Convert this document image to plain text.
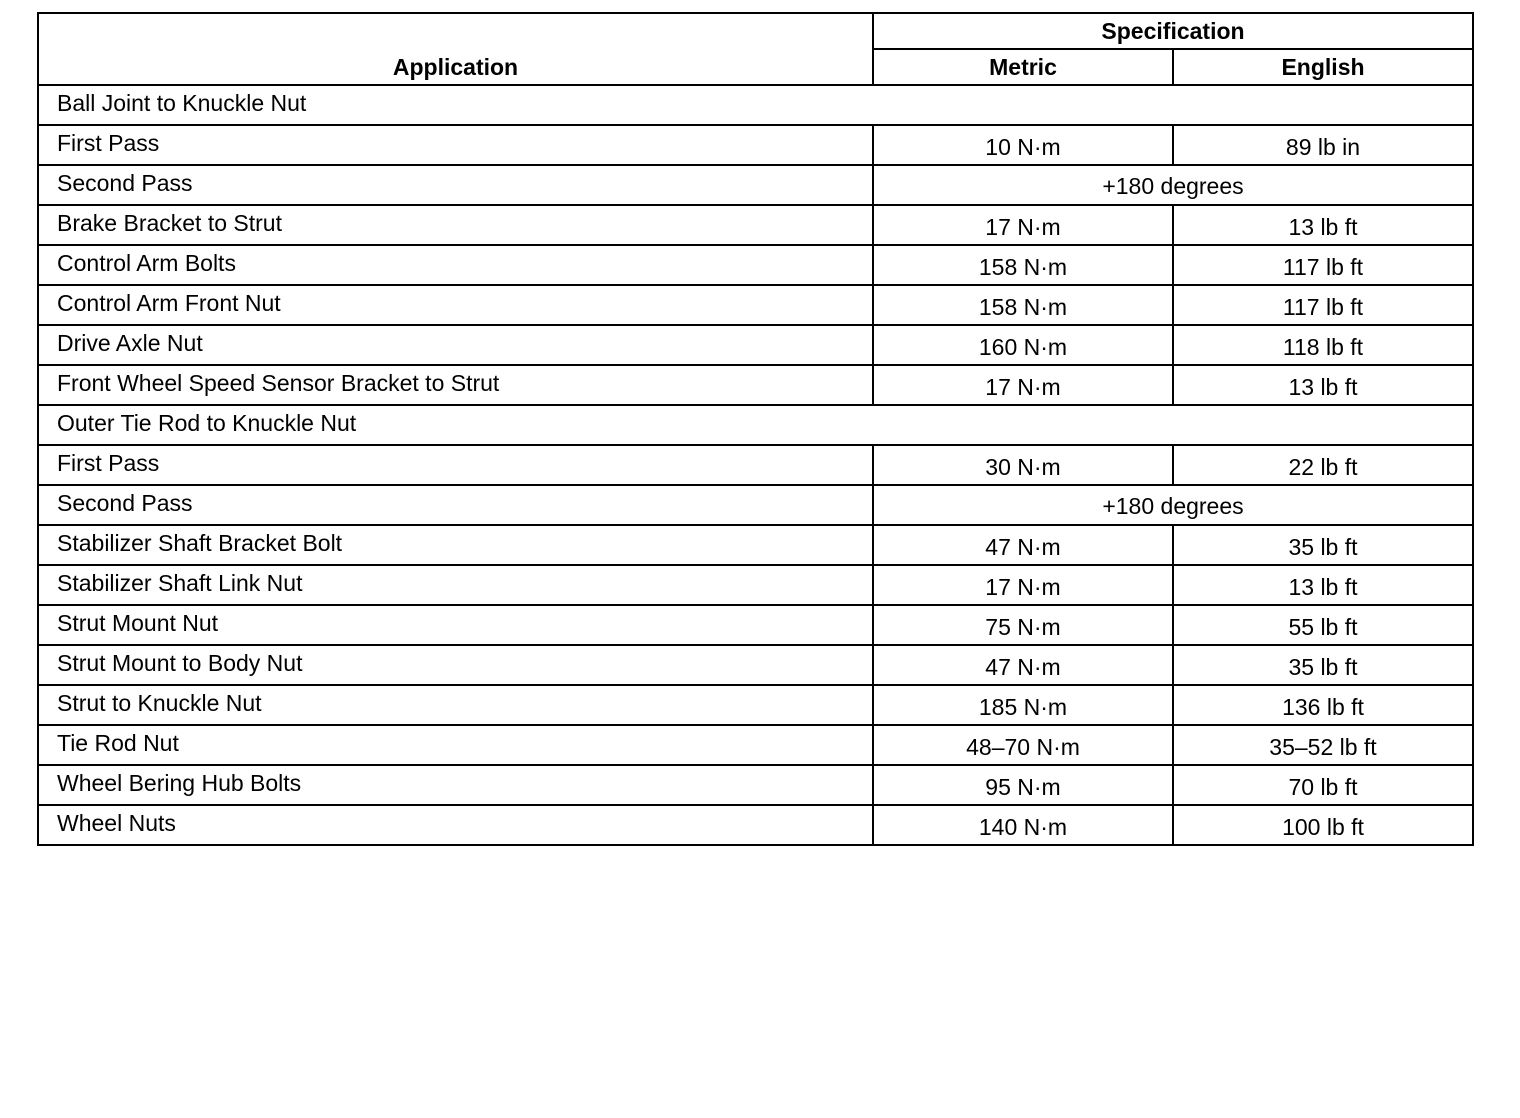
Application	Specification	
	Metric	English
Ball Joint to Knuckle Nut		
First Pass	10 N·m	89 lb in
Second Pass	+180 degrees	
Brake Bracket to Strut	17 N·m	13 lb ft
Control Arm Bolts	158 N·m	117 lb ft
Control Arm Front Nut	158 N·m	117 lb ft
Drive Axle Nut	160 N·m	118 lb ft
Front Wheel Speed Sensor Bracket to Strut	17 N·m	13 lb ft
Outer Tie Rod to Knuckle Nut		
First Pass	30 N·m	22 lb ft
Second Pass	+180 degrees	
Stabilizer Shaft Bracket Bolt	47 N·m	35 lb ft
Stabilizer Shaft Link Nut	17 N·m	13 lb ft
Strut Mount Nut	75 N·m	55 lb ft
Strut Mount to Body Nut	47 N·m	35 lb ft
Strut to Knuckle Nut	185 N·m	136 lb ft
Tie Rod Nut	48–70 N·m	35–52 lb ft
Wheel Bering Hub Bolts	95 N·m	70 lb ft
Wheel Nuts	140 N·m	100 lb ft
